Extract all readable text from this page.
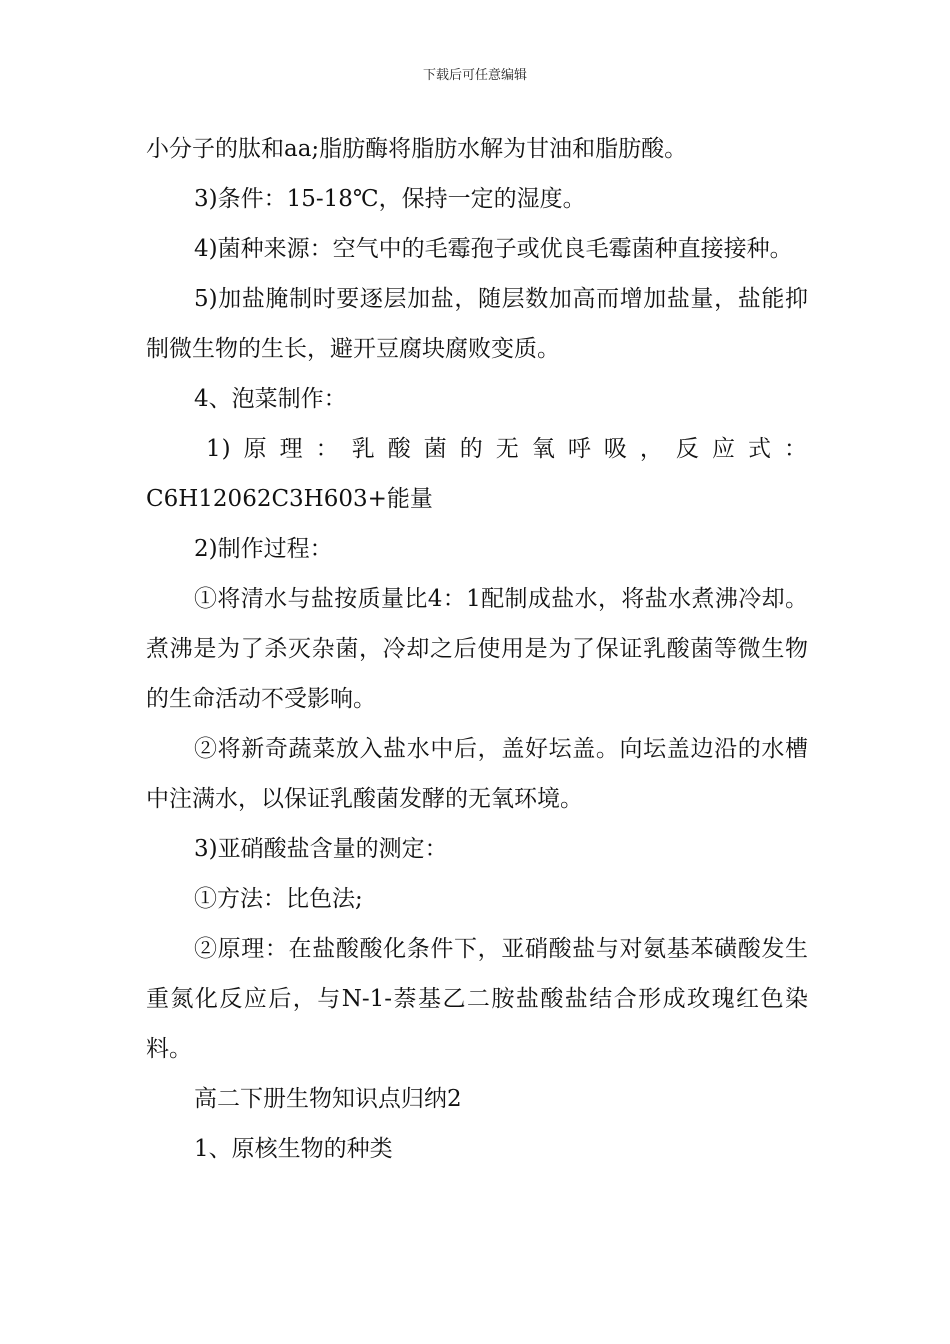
下载后可任意编辑

小分子的肽和aa;脂肪酶将脂肪水解为甘油和脂肪酸。

3)条件：15-18℃，保持一定的湿度。

4)菌种来源：空气中的毛霉孢子或优良毛霉菌种直接接种。

5)加盐腌制时要逐层加盐，随层数加高而增加盐量，盐能抑制微生物的生长，避开豆腐块腐败变质。

4、泡菜制作：

1)原理：乳酸菌的无氧呼吸，反应式：

C6H12062C3H603+能量

2)制作过程：

①将清水与盐按质量比4：1配制成盐水，将盐水煮沸冷却。煮沸是为了杀灭杂菌，冷却之后使用是为了保证乳酸菌等微生物的生命活动不受影响。

②将新奇蔬菜放入盐水中后，盖好坛盖。向坛盖边沿的水槽中注满水，以保证乳酸菌发酵的无氧环境。

3)亚硝酸盐含量的测定：

①方法：比色法;

②原理：在盐酸酸化条件下，亚硝酸盐与对氨基苯磺酸发生重氮化反应后，与N-1-萘基乙二胺盐酸盐结合形成玫瑰红色染料。

高二下册生物知识点归纳2

1、原核生物的种类
